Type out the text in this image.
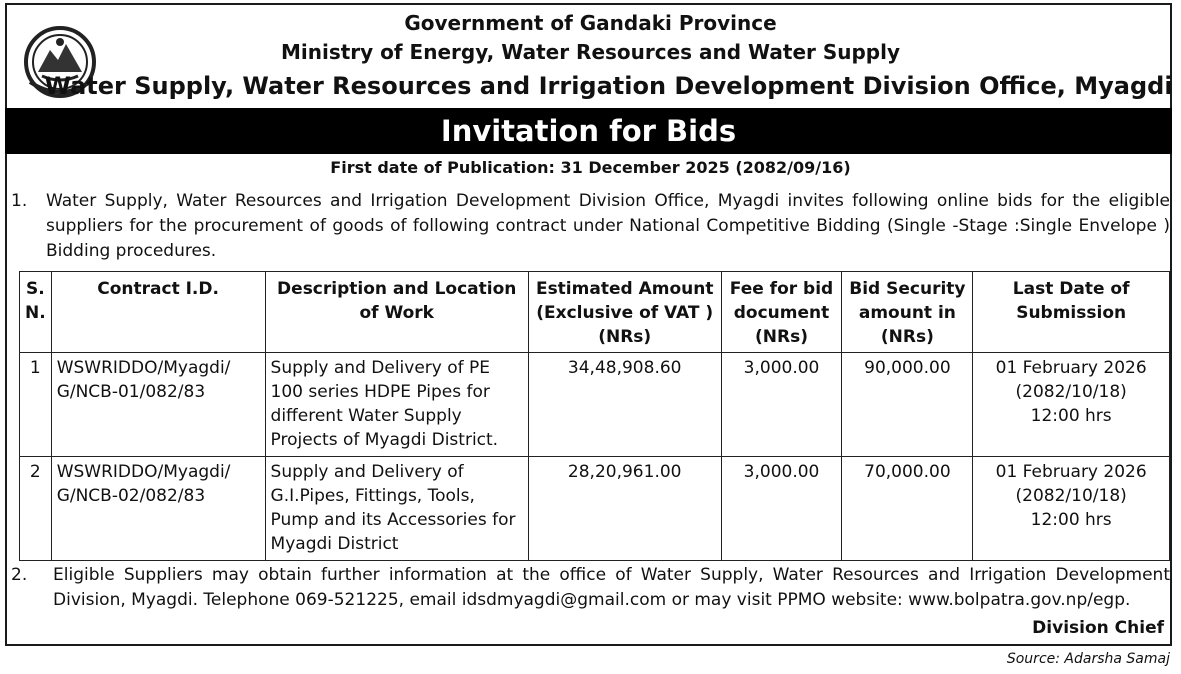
Government of Gandaki Province
Ministry of Energy, Water Resources and Water Supply
Water Supply, Water Resources and Irrigation Development Division Office, Myagdi
Invitation for Bids
First date of Publication: 31 December 2025 (2082/09/16)
1. Water Supply, Water Resources and Irrigation Development Division Office, Myagdi invites following online bids for the eligible suppliers for the procurement of goods of following contract under National Competitive Bidding (Single -Stage :Single Envelope ) Bidding procedures.
S. N.	Contract I.D.	Description and Location of Work	Estimated Amount (Exclusive of VAT ) (NRs)	Fee for bid document (NRs)	Bid Security amount in (NRs)	Last Date of Submission
1	WSWRIDDO/Myagdi/ G/NCB-01/082/83	Supply and Delivery of PE 100 series HDPE Pipes for different Water Supply Projects of Myagdi District.	34,48,908.60	3,000.00	90,000.00	01 February 2026
(2082/10/18)
12:00 hrs

2	WSWRIDDO/Myagdi/ G/NCB-02/082/83	Supply and Delivery of G.I.Pipes, Fittings, Tools, Pump and its Accessories for Myagdi District	28,20,961.00	3,000.00	70,000.00	01 February 2026
(2082/10/18)
12:00 hrs
2. Eligible Suppliers may obtain further information at the office of Water Supply, Water Resources and Irrigation Development Division, Myagdi. Telephone 069-521225, email idsdmyagdi@gmail.com or may visit PPMO website: www.bolpatra.gov.np/egp.
Division Chief
Source: Adarsha Samaj
